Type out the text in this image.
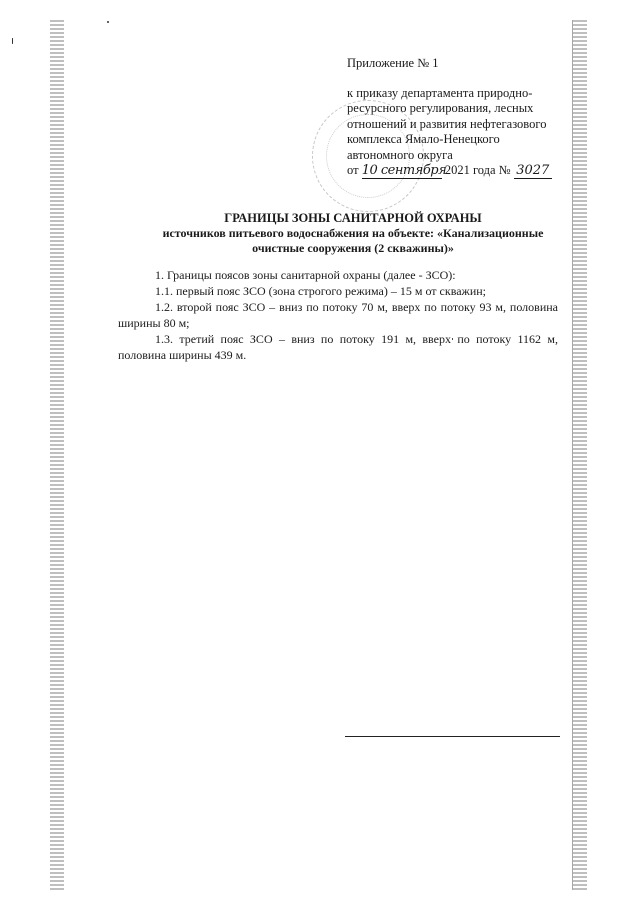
Приложение № 1
к приказу департамента природно-
ресурсного регулирования, лесных
отношений и развития нефтегазового
комплекса Ямало-Ненецкого
автономного округа
от 10 сентября 2021 года № 3027
ГРАНИЦЫ ЗОНЫ САНИТАРНОЙ ОХРАНЫ
источников питьевого водоснабжения на объекте: «Канализационные
очистные сооружения (2 скважины)»

1. Границы поясов зоны санитарной охраны (далее - ЗСО):

1.1. первый пояс ЗСО (зона строгого режима) – 15 м от скважин;

1.2. второй пояс ЗСО – вниз по потоку 70 м, вверх по потоку 93 м, половина ширины 80 м;

1.3. третий пояс ЗСО – вниз по потоку 191 м, вверх по потоку 1162 м, половина ширины 439 м.
